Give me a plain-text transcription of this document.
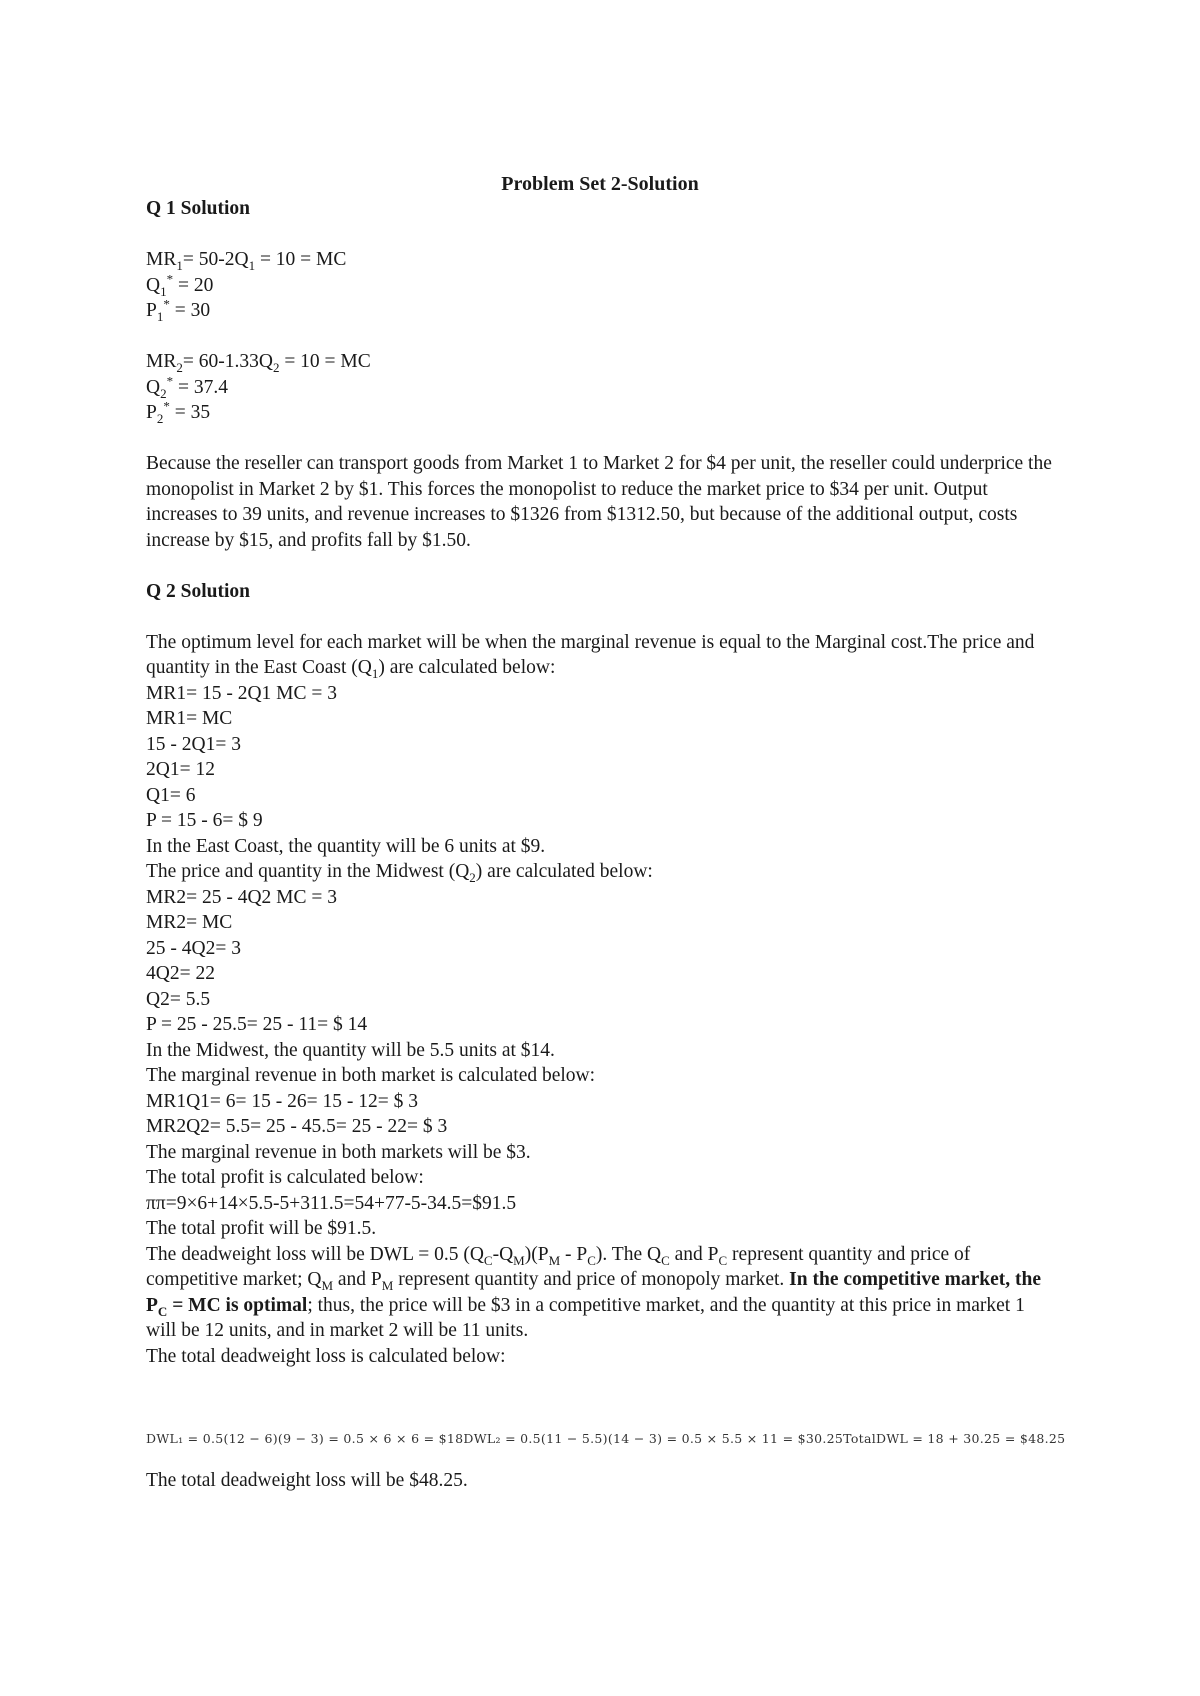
Problem Set 2-Solution
Q 1 Solution
$MR_1= 50-2Q_1 = 10$ = MC
$Q_1^* = 20$
$P_1^* = 30$
$MR_2= 60-1.33Q_2 = 10$ = MC
$Q_2^* = 37.4$
$P_2^* = 35$
Because the reseller can transport goods from Market 1 to Market 2 for $4 per unit, the reseller could underprice the monopolist in Market 2 by $1. This forces the monopolist to reduce the market price to $34 per unit. Output increases to 39 units, and revenue increases to $1326 from $1312.50, but because of the additional output, costs increase by $15, and profits fall by $1.50.
Q 2 Solution
The optimum level for each market will be when the marginal revenue is equal to the Marginal cost.The price and quantity in the East Coast $(Q_1)$ are calculated below:
MR1= 15 - 2Q1 MC = 3
MR1= MC
15 - 2Q1= 3
2Q1= 12
Q1= 6
P = 15 - 6= $ 9
In the East Coast, the quantity will be 6 units at $9.
The price and quantity in the Midwest $(Q_2)$ are calculated below:
MR2= 25 - 4Q2 MC = 3
MR2= MC
25 - 4Q2= 3
4Q2= 22
Q2= 5.5
P = 25 - 25.5= 25 - 11= $ 14
In the Midwest, the quantity will be 5.5 units at $14.
The marginal revenue in both market is calculated below:
MR1Q1= 6= 15 - 26= 15 - 12= $ 3
MR2Q2= 5.5= 25 - 45.5= 25 - 22= $ 3
The marginal revenue in both markets will be $3.
The total profit is calculated below:
ππ=9×6+14×5.5-5+311.5=54+77-5-34.5=$91.5
The total profit will be $91.5.
The deadweight loss will be DWL = 0.5 $(Q_C-Q_M)(P_M - P_C)$. The $Q_C$ and $P_C$ represent quantity and price of competitive market; $Q_M$ and $P_M$ represent quantity and price of monopoly market. In the competitive market, the $P_C$ = MC is optimal; thus, the price will be $3 in a competitive market, and the quantity at this price in market 1 will be 12 units, and in market 2 will be 11 units.
The total deadweight loss is calculated below:
DWL₁ = 0.5(12 − 6)(9 − 3) = 0.5 × 6 × 6 = $18DWL₂ = 0.5(11 − 5.5)(14 − 3) = 0.5 × 5.5 × 11 = $30.25TotalDWL = 18 + 30.25 = $48.25
The total deadweight loss will be $48.25.
